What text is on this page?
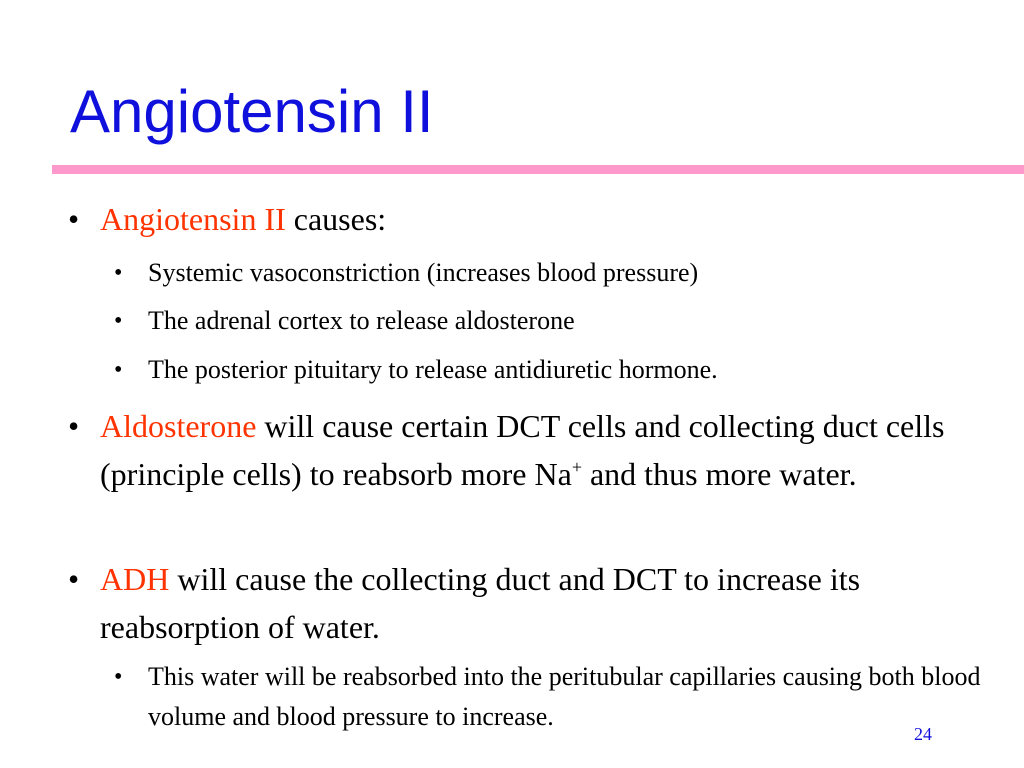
Angiotensin II
• Angiotensin II causes:
• Systemic vasoconstriction (increases blood pressure)
• The adrenal cortex to release aldosterone
• The posterior pituitary to release antidiuretic hormone.
• Aldosterone will cause certain DCT cells and collecting duct cells (principle cells) to reabsorb more Na+ and thus more water.
• ADH will cause the collecting duct and DCT to increase its reabsorption of water.
• This water will be reabsorbed into the peritubular capillaries causing both blood volume and blood pressure to increase.
24
